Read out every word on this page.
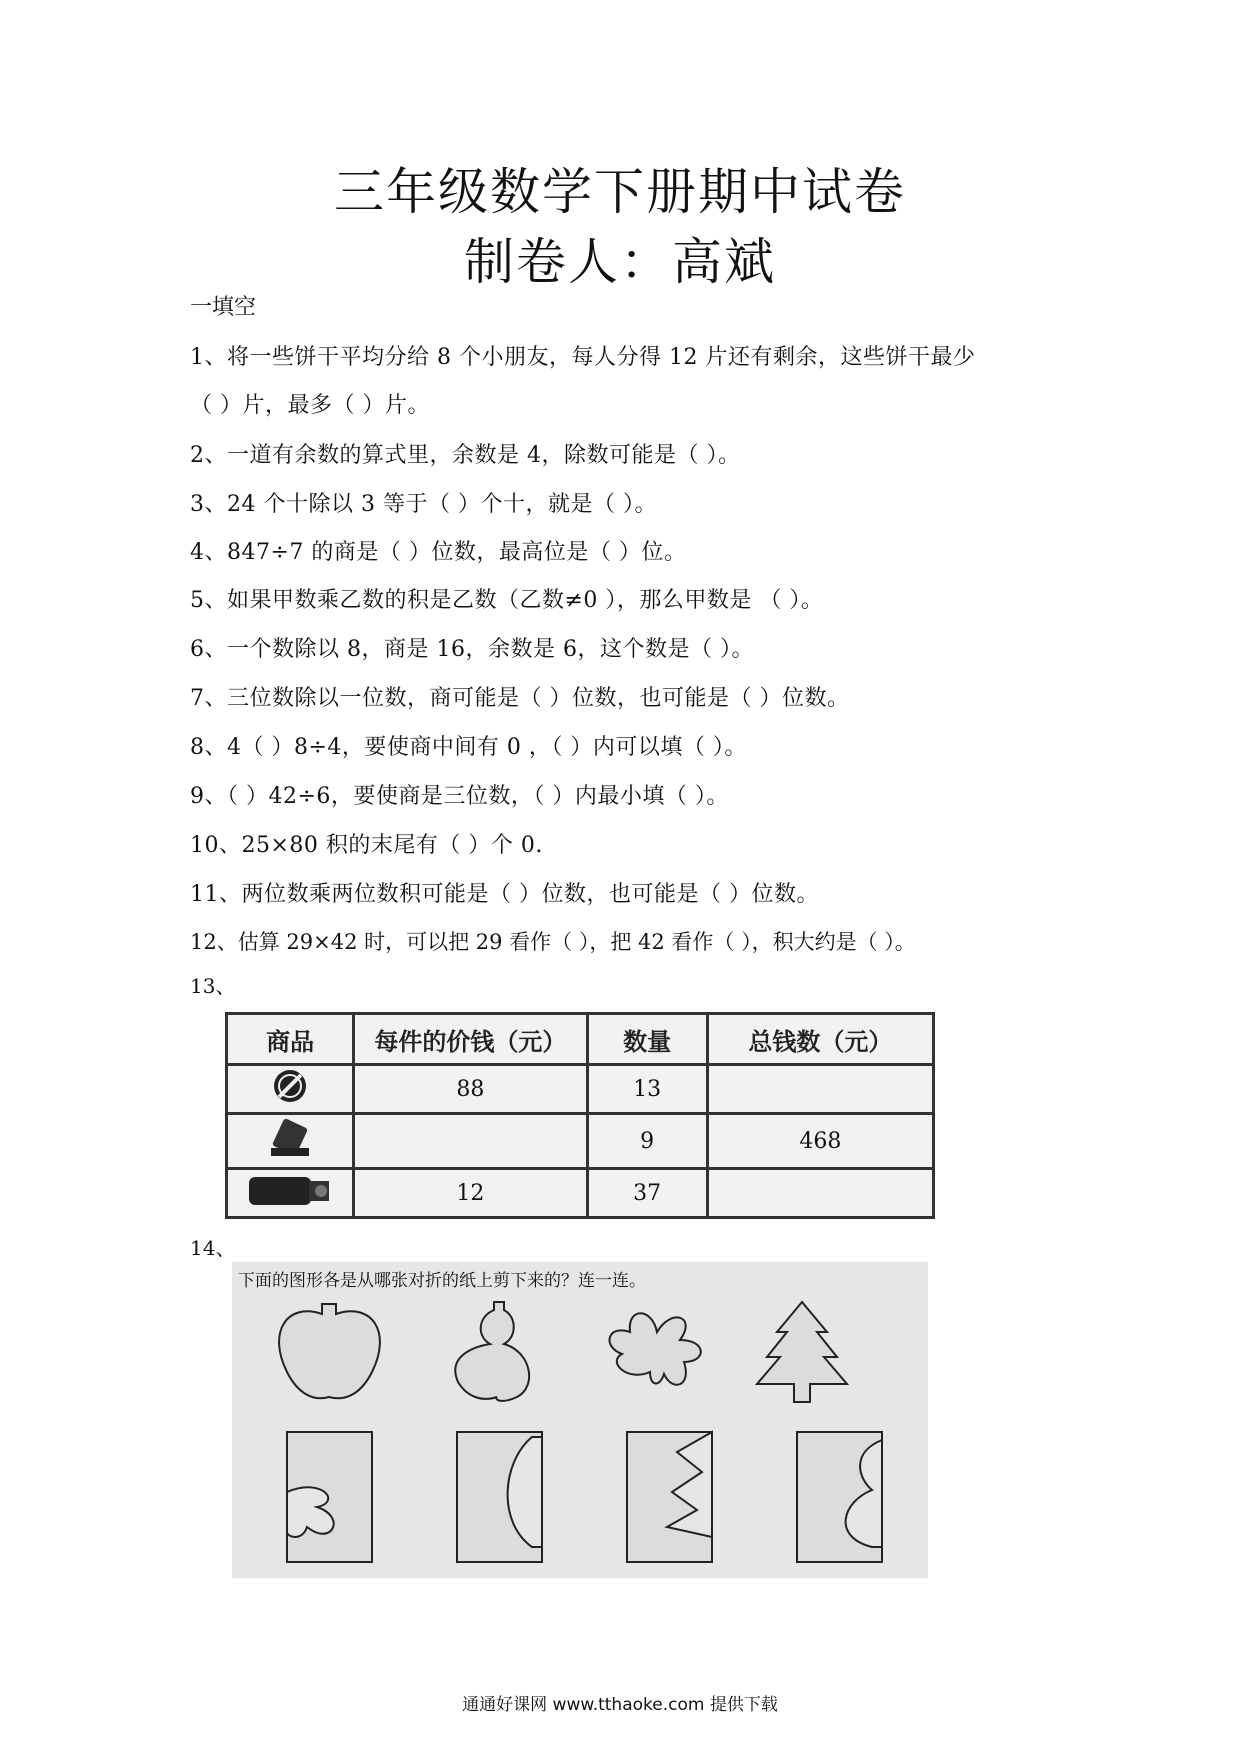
三年级数学下册期中试卷
制卷人：高斌
一填空
1、将一些饼干平均分给 8 个小朋友，每人分得 12 片还有剩余，这些饼干最少
（ ）片，最多（ ）片。
2、一道有余数的算式里，余数是 4，除数可能是（ ）。
3、24 个十除以 3 等于（ ）个十，就是（ ）。
4、847÷7 的商是（ ）位数，最高位是（ ）位。
5、如果甲数乘乙数的积是乙数（乙数≠0 ），那么甲数是 （ ）。
6、一个数除以 8，商是 16，余数是 6，这个数是（ ）。
7、三位数除以一位数，商可能是（ ）位数，也可能是（ ）位数。
8、4（ ）8÷4，要使商中间有 0 ，（ ）内可以填（ ）。
9、（ ）42÷6，要使商是三位数，（ ）内最小填（ ）。
10、25×80 积的末尾有（ ）个 0.
11、两位数乘两位数积可能是（ ）位数，也可能是（ ）位数。
12、估算 29×42 时，可以把 29 看作（ ），把 42 看作（ ），积大约是（ ）。
13、
商品	每件的价钱（元）	数量	总钱数（元）
	88	13	
		9	468
	12	37	
14、
下面的图形各是从哪张对折的纸上剪下来的？连一连。
通通好课网 www.tthaoke.com 提供下载
